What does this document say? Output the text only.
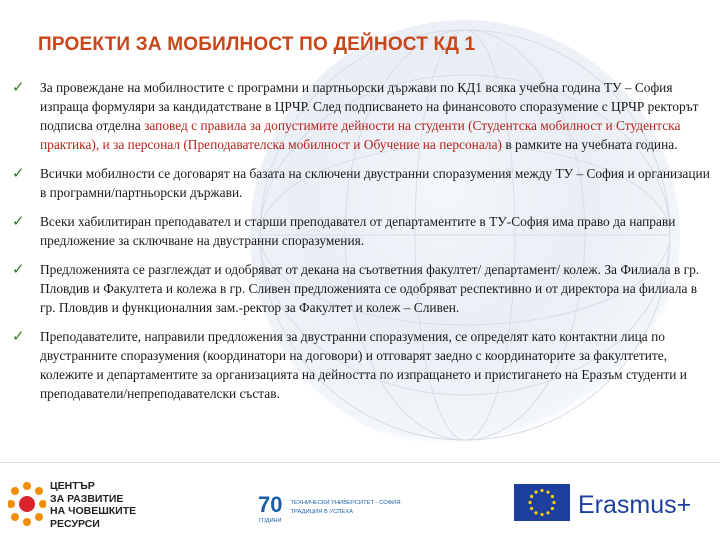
ПРОЕКТИ ЗА МОБИЛНОСТ ПО ДЕЙНОСТ КД 1
✓ За провеждане на мобилностите с програмни и партньорски държави по КД1 всяка учебна година ТУ – София изпраща формуляри за кандидатстване в ЦРЧР. След подписването на финансовото споразумение с ЦРЧР ректорът подписва отделна заповед с правила за допустимите дейности на студенти (Студентска мобилност и Студентска практика), и за персонал (Преподавателска мобилност и Обучение на персонала) в рамките на учебната година.
✓ Всички мобилности се договарят на базата на сключени двустранни споразумения между ТУ – София и организации в програмни/партньорски държави.
✓ Всеки хабилитиран преподавател и старши преподавател от департаментите в ТУ-София има право да направи предложение за сключване на двустранни споразумения.
✓ Предложенията се разглеждат и одобряват от декана на съответния факултет/ департамент/ колеж. За Филиала в гр. Пловдив и Факултета и колежа в гр. Сливен предложенията се одобряват респективно и от директора на филиала в гр. Пловдив и функционалния зам.-ректор за Факултет и колеж – Сливен.
✓ Преподавателите, направили предложения за двустранни споразумения, се определят като контактни лица по двустранните споразумения (координатори на договори) и отговарят заедно с координаторите за факултетите, колежите и департаментите за организацията на дейността по изпращането и пристигането на Еразъм студенти и преподаватели/непреподавателски състав.
ЦЕНТЪР
ЗА РАЗВИТИЕ
НА ЧОВЕШКИТЕ
РЕСУРСИ
70
ГОДИНИ
ТЕХНИЧЕСКИ УНИВЕРСИТЕТ - СОФИЯ
ТРАДИЦИЯ В УСПЕХА	Erasmus+
